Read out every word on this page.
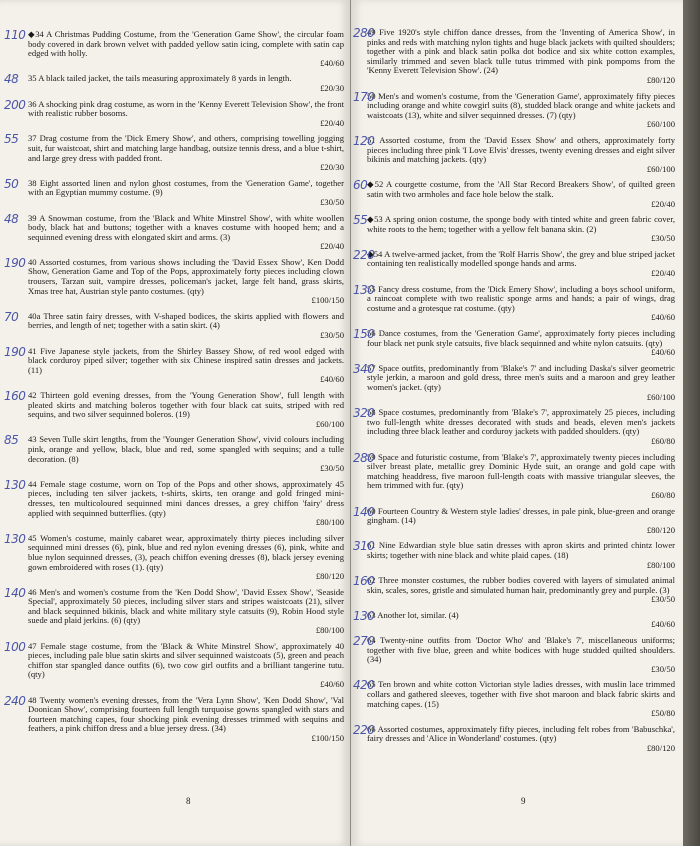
110 ◆34 A Christmas Pudding Costume, from the 'Generation Game Show', the circular foam body covered in dark brown velvet with padded yellow satin icing, complete with satin cap edged with holly.
£40/60
48 35 A black tailed jacket, the tails measuring approximately 8 yards in length.
£20/30
200 36 A shocking pink drag costume, as worn in the 'Kenny Everett Television Show', the front with realistic rubber bosoms.
£20/40
55 37 Drag costume from the 'Dick Emery Show', and others, comprising towelling jogging suit, fur waistcoat, shirt and matching large handbag, outsize tennis dress, and a blue t-shirt, and large grey dress with padded front.
£20/30
50 38 Eight assorted linen and nylon ghost costumes, from the 'Generation Game', together with an Egyptian mummy costume. (9)
£30/50
48 39 A Snowman costume, from the 'Black and White Minstrel Show', with white woollen body, black hat and buttons; together with a knaves costume with hooped hem; and a sequinned evening dress with elongated skirt and arms. (3)
£20/40
190 40 Assorted costumes, from various shows including the 'David Essex Show', Ken Dodd Show, Generation Game and Top of the Pops, approximately forty pieces including clown trousers, Tarzan suit, vampire dresses, policeman's jacket, large felt hand, grass skirts, Xmas tree hat, Austrian style panto costumes. (qty)
£100/150
70 40a Three satin fairy dresses, with V-shaped bodices, the skirts applied with flowers and berries, and length of net; together with a satin skirt. (4)
£30/50
190 41 Five Japanese style jackets, from the Shirley Bassey Show, of red wool edged with black corduroy piped silver; together with six Chinese inspired satin dresses and jackets. (11)
£40/60
160 42 Thirteen gold evening dresses, from the 'Young Generation Show', full length with pleated skirts and matching boleros together with four black cat suits, striped with red sequins, and two silver sequinned boleros. (19)
£60/100
85 43 Seven Tulle skirt lengths, from the 'Younger Generation Show', vivid colours including pink, orange and yellow, black, blue and red, some spangled with sequins; and a tulle decoration. (8)
£30/50
130 44 Female stage costume, worn on Top of the Pops and other shows, approximately 45 pieces, including ten silver jackets, t-shirts, skirts, ten orange and gold fringed mini-dresses, ten multicoloured sequinned mini dances dresses, a grey chiffon 'fairy' dress applied with sequinned butterflies. (qty)
£80/100
130 45 Women's costume, mainly cabaret wear, approximately thirty pieces including silver sequinned mini dresses (6), pink, blue and red nylon evening dresses (6), pink, white and blue nylon sequinned dresses, (3), peach chiffon evening dresses (8), black jersey evening gown embroidered with roses (1). (qty)
£80/120
140 46 Men's and women's costume from the 'Ken Dodd Show', 'David Essex Show', 'Seaside Special', approximately 50 pieces, including silver stars and stripes waistcoats (21), silver and black sequinned bikinis, black and white military style catsuits (9), Robin Hood style suede and plaid jerkins. (6) (qty)
£80/100
100 47 Female stage costume, from the 'Black & White Minstrel Show', approximately 40 pieces, including pale blue satin skirts and silver sequinned waistcoats (5), green and peach chiffon star spangled dance outfits (6), two cow girl outfits and a brilliant tangerine tutu. (qty)
£40/60
240 48 Twenty women's evening dresses, from the 'Vera Lynn Show', 'Ken Dodd Show', 'Val Doonican Show', comprising fourteen full length turquoise gowns spangled with stars and fourteen matching capes, four shocking pink evening dresses trimmed with sequins and feathers, a pink chiffon dress and a blue jersey dress. (34)
£100/150
8
280
49 Five 1920's style chiffon dance dresses, from the 'Inventing of America Show', in pinks and reds with matching nylon tights and huge black jackets with quilted shoulders; together with a pink and black satin polka dot bodice and six white cotton examples, similarly trimmed and seven black tulle tutus trimmed with pink pompoms from the 'Kenny Everett Television Show'. (24)
£80/120
170
50 Men's and women's costume, from the 'Generation Game', approximately fifty pieces including orange and white cowgirl suits (8), studded black orange and white jackets and waistcoats (13), white and silver sequinned dresses. (7) (qty)
£60/100
120
51 Assorted costume, from the 'David Essex Show' and others, approximately forty pieces including three pink 'I Love Elvis' dresses, twenty evening dresses and eight silver bikinis and matching jackets. (qty)
£60/100
60 ◆52 A courgette costume, from the 'All Star Record Breakers Show', of quilted green satin with two armholes and face hole below the stalk.
£20/40
55 ◆53 A spring onion costume, the sponge body with tinted white and green fabric cover, white roots to the hem; together with a yellow felt banana skin. (2)
£30/50
220
◆54 A twelve-armed jacket, from the 'Rolf Harris Show', the grey and blue striped jacket containing ten realistically modelled sponge hands and arms.
£20/40
130
55 Fancy dress costume, from the 'Dick Emery Show', including a boys school uniform, a raincoat complete with two realistic sponge arms and hands; a pair of wings, drag costume and a grotesque rat costume. (qty)
£40/60
150
56 Dance costumes, from the 'Generation Game', approximately forty pieces including four black net punk style catsuits, five black sequinned and white nylon catsuits. (qty)
£40/60
340
57 Space outfits, predominantly from 'Blake's 7' and including Daska's silver geometric style jerkin, a maroon and gold dress, three men's suits and a maroon and grey leather women's jacket. (qty)
£60/100
320
58 Space costumes, predominantly from 'Blake's 7', approximately 25 pieces, including two full-length white dresses decorated with studs and beads, eleven men's jackets including three black leather and corduroy jackets with padded shoulders. (qty)
£60/80
280
59 Space and futuristic costume, from 'Blake's 7', approximately twenty pieces including silver breast plate, metallic grey Dominic Hyde suit, an orange and gold cape with matching headdress, five maroon full-length coats with massive triangular sleeves, the hem trimmed with fur. (qty)
£60/80
140
60 Fourteen Country & Western style ladies' dresses, in pale pink, blue-green and orange gingham. (14)
£80/120
310
61 Nine Edwardian style blue satin dresses with apron skirts and printed chintz lower skirts; together with nine black and white plaid capes. (18)
£80/100
160
62 Three monster costumes, the rubber bodies covered with layers of simulated animal skin, scales, sores, gristle and simulated human hair, predominantly grey and purple. (3)
£30/50
130
63 Another lot, similar. (4)
£40/60
270
64 Twenty-nine outfits from 'Doctor Who' and 'Blake's 7', miscellaneous uniforms; together with five blue, green and white bodices with huge studded quilted shoulders. (34)
£30/50
420
65 Ten brown and white cotton Victorian style ladies dresses, with muslin lace trimmed collars and gathered sleeves, together with five shot maroon and black fabric skirts and matching capes. (15)
£50/80
220
66 Assorted costumes, approximately fifty pieces, including felt robes from 'Babuschka', fairy dresses and 'Alice in Wonderland' costumes. (qty)
£80/120
9
